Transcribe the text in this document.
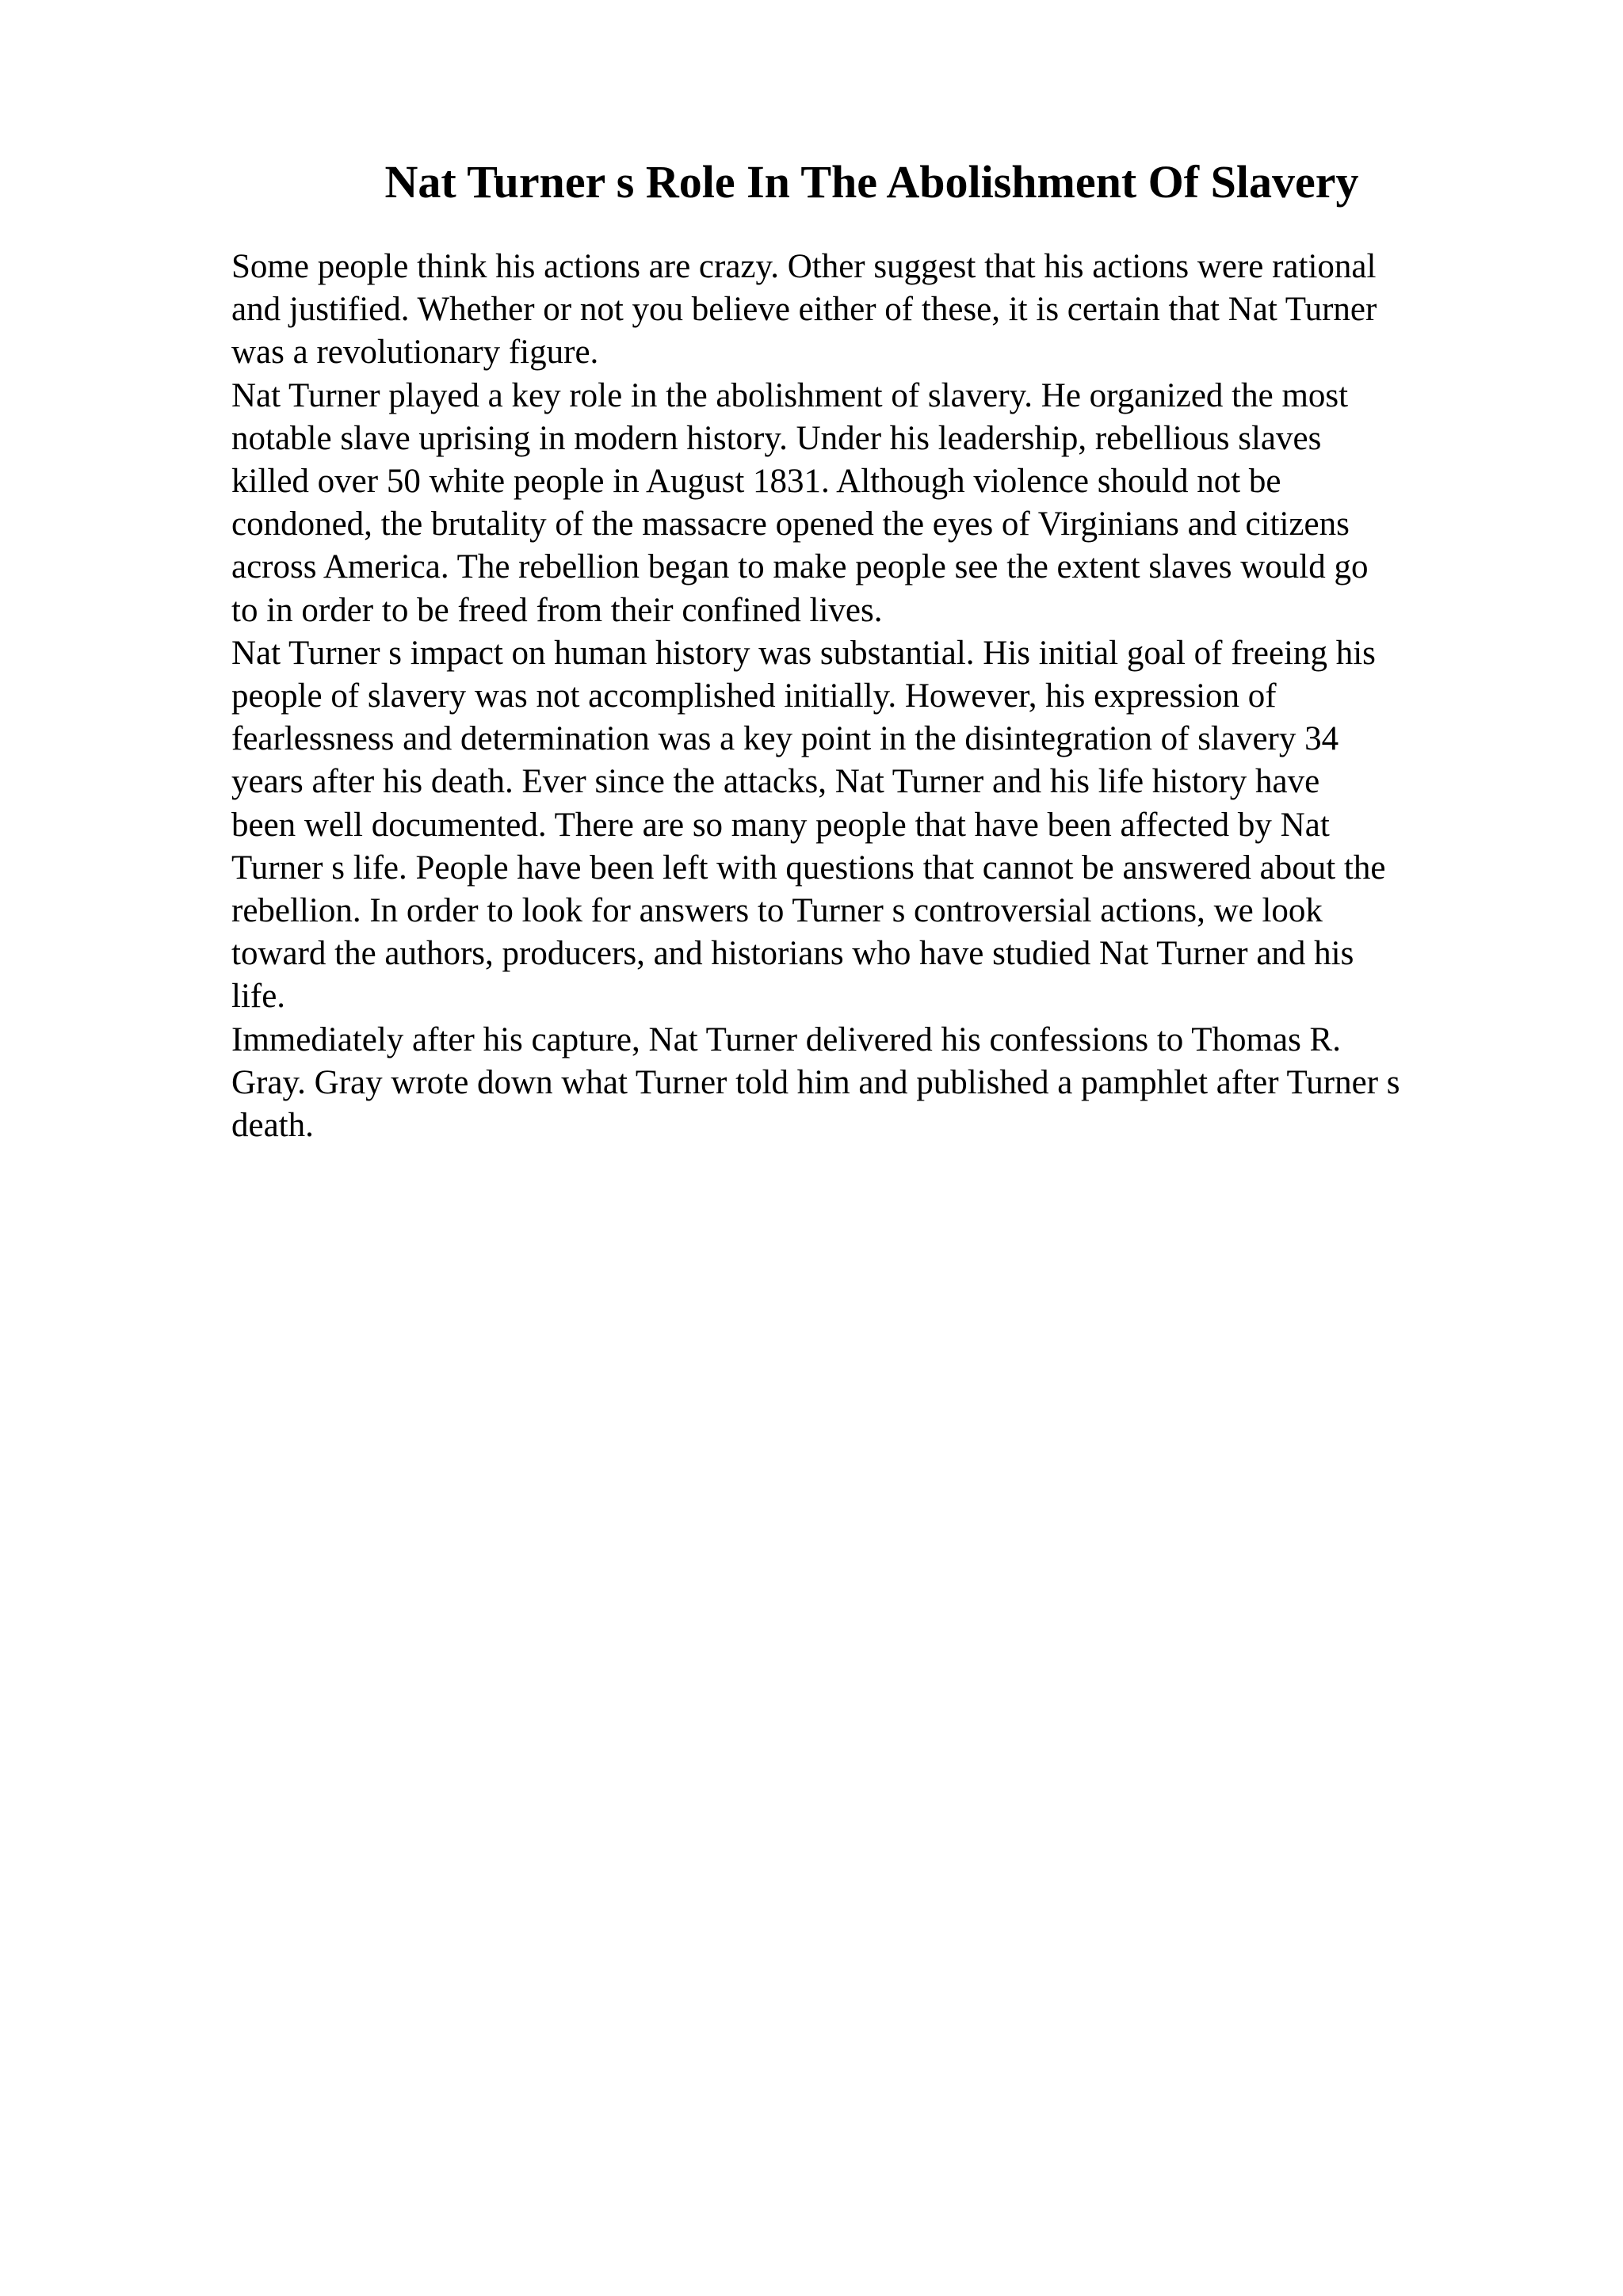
Nat Turner s Role In The Abolishment Of Slavery
Some people think his actions are crazy. Other suggest that his actions were rational
and justified. Whether or not you believe either of these, it is certain that Nat Turner
was a revolutionary figure.
Nat Turner played a key role in the abolishment of slavery. He organized the most
notable slave uprising in modern history. Under his leadership, rebellious slaves
killed over 50 white people in August 1831. Although violence should not be
condoned, the brutality of the massacre opened the eyes of Virginians and citizens
across America. The rebellion began to make people see the extent slaves would go
to in order to be freed from their confined lives.
Nat Turner s impact on human history was substantial. His initial goal of freeing his
people of slavery was not accomplished initially. However, his expression of
fearlessness and determination was a key point in the disintegration of slavery 34
years after his death. Ever since the attacks, Nat Turner and his life history have
been well documented. There are so many people that have been affected by Nat
Turner s life. People have been left with questions that cannot be answered about the
rebellion. In order to look for answers to Turner s controversial actions, we look
toward the authors, producers, and historians who have studied Nat Turner and his
life.
Immediately after his capture, Nat Turner delivered his confessions to Thomas R.
Gray. Gray wrote down what Turner told him and published a pamphlet after Turner s
death.
